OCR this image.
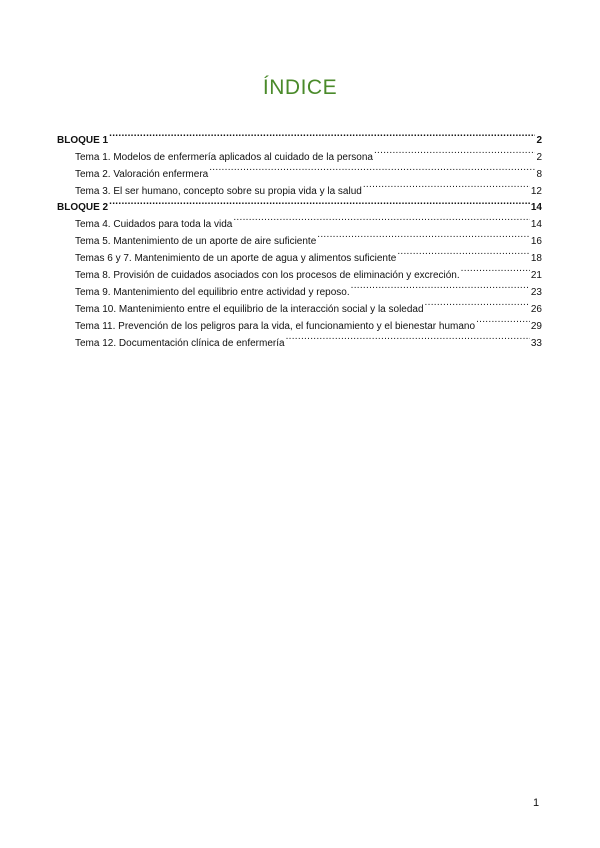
ÍNDICE
BLOQUE 1 .....	2
Tema 1. Modelos de enfermería aplicados al cuidado de la persona .....	2
Tema 2. Valoración enfermera .....	8
Tema 3. El ser humano, concepto sobre su propia vida y la salud .....	12
BLOQUE 2 .....	14
Tema 4. Cuidados para toda la vida .....	14
Tema 5. Mantenimiento de un aporte de aire suficiente .....	16
Temas 6 y 7. Mantenimiento de un aporte de agua y alimentos suficiente .....	18
Tema 8. Provisión de cuidados asociados con los procesos de eliminación y excreción. .....	21
Tema 9. Mantenimiento del equilibrio entre actividad y reposo. .....	23
Tema 10. Mantenimiento entre el equilibrio de la interacción social y la soledad .....	26
Tema 11. Prevención de los peligros para la vida, el funcionamiento y el bienestar humano .....	29
Tema 12. Documentación clínica de enfermería .....	33
1
